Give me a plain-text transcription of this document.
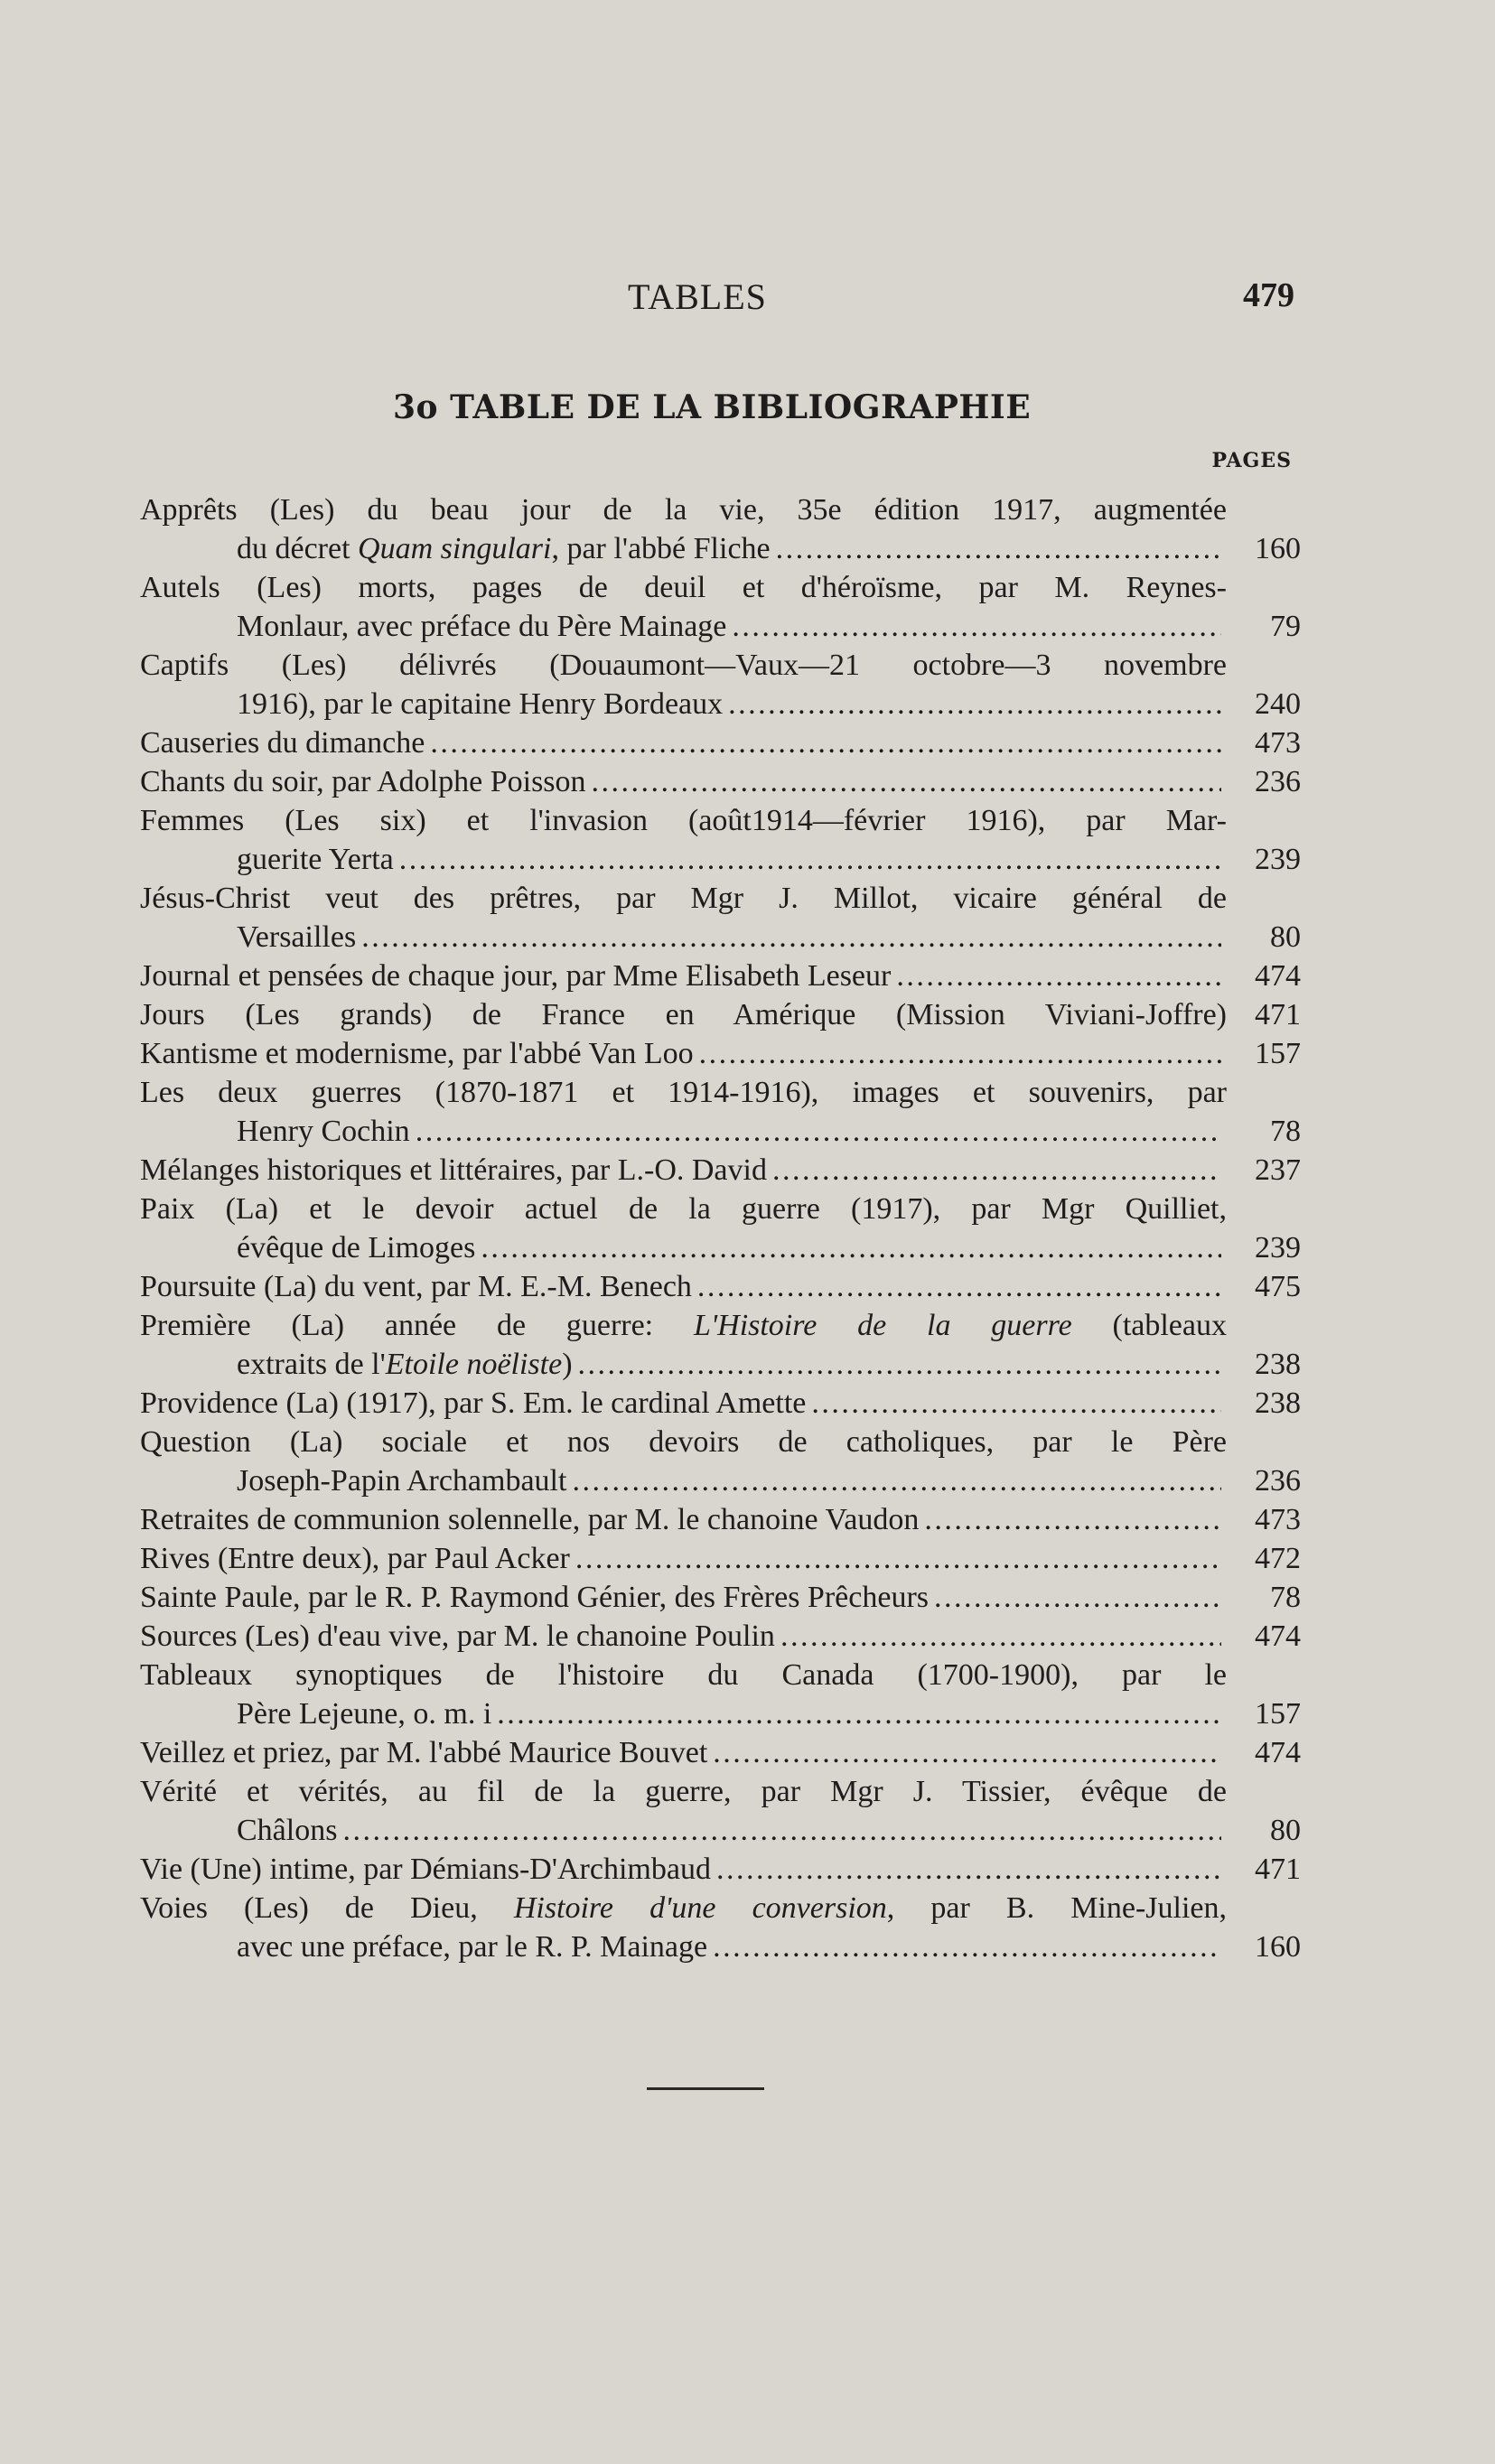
TABLES	479
3o TABLE DE LA BIBLIOGRAPHIE
PAGES
Apprêts (Les) du beau jour de la vie, 35e édition 1917, augmentée
du décret Quam singulari, par l'abbé Fliche . . .	160
Autels (Les) morts, pages de deuil et d'héroïsme, par M. Reynes-
Monlaur, avec préface du Père Mainage . . .	79
Captifs (Les) délivrés (Douaumont—Vaux—21 octobre—3 novembre
1916), par le capitaine Henry Bordeaux . . .	240
Causeries du dimanche . . .	473
Chants du soir, par Adolphe Poisson . . .	236
Femmes (Les six) et l'invasion (août1914—février 1916), par Mar-
guerite Yerta . . .	239
Jésus-Christ veut des prêtres, par Mgr J. Millot, vicaire général de
Versailles . . .	80
Journal et pensées de chaque jour, par Mme Elisabeth Leseur . . .	474
Jours (Les grands) de France en Amérique (Mission Viviani-Joffre) 471
Kantisme et modernisme, par l'abbé Van Loo . . .	157
Les deux guerres (1870-1871 et 1914-1916), images et souvenirs, par
Henry Cochin . . .	78
Mélanges historiques et littéraires, par L.-O. David . . .	237
Paix (La) et le devoir actuel de la guerre (1917), par Mgr Quilliet,
évêque de Limoges . . .	239
Poursuite (La) du vent, par M. E.-M. Benech . . .	475
Première (La) année de guerre: L'Histoire de la guerre (tableaux
extraits de l'Etoile noëliste) . . .	238
Providence (La) (1917), par S. Em. le cardinal Amette . . .	238
Question (La) sociale et nos devoirs de catholiques, par le Père
Joseph-Papin Archambault . . .	236
Retraites de communion solennelle, par M. le chanoine Vaudon . . .	473
Rives (Entre deux), par Paul Acker . . .	472
Sainte Paule, par le R. P. Raymond Génier, des Frères Prêcheurs . . .	78
Sources (Les) d'eau vive, par M. le chanoine Poulin . . .	474
Tableaux synoptiques de l'histoire du Canada (1700-1900), par le
Père Lejeune, o. m. i . . .	157
Veillez et priez, par M. l'abbé Maurice Bouvet . . .	474
Vérité et vérités, au fil de la guerre, par Mgr J. Tissier, évêque de
Châlons . . .	80
Vie (Une) intime, par Démians-D'Archimbaud . . .	471
Voies (Les) de Dieu, Histoire d'une conversion, par B. Mine-Julien,
avec une préface, par le R. P. Mainage . . .	160
